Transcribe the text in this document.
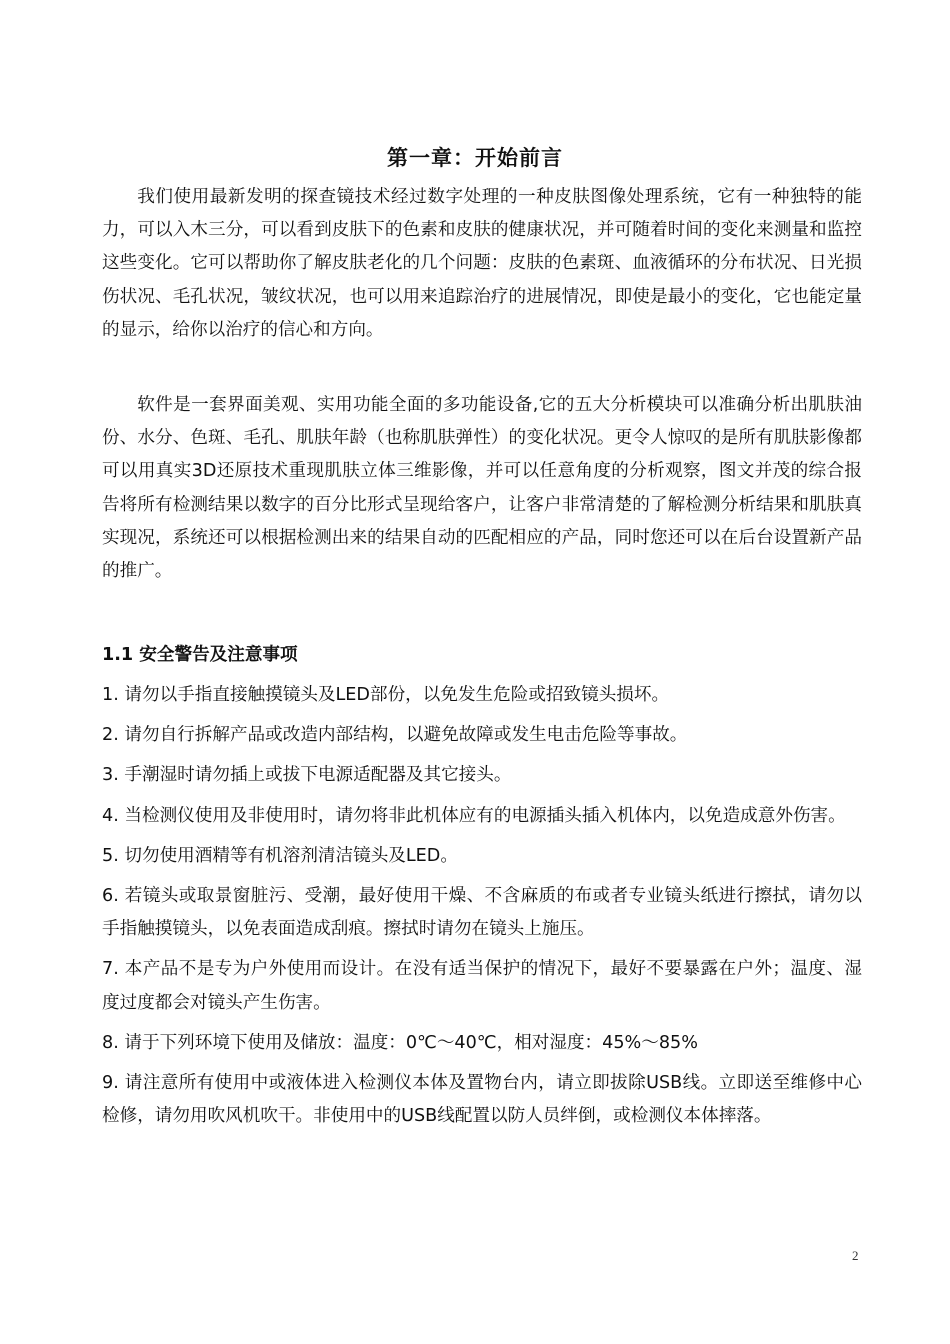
第一章：开始前言

我们使用最新发明的探查镜技术经过数字处理的一种皮肤图像处理系统，它有一种独特的能力，可以入木三分，可以看到皮肤下的色素和皮肤的健康状况，并可随着时间的变化来测量和监控这些变化。它可以帮助你了解皮肤老化的几个问题：皮肤的色素斑、血液循环的分布状况、日光损伤状况、毛孔状况，皱纹状况，也可以用来追踪治疗的进展情况，即使是最小的变化，它也能定量的显示，给你以治疗的信心和方向。

软件是一套界面美观、实用功能全面的多功能设备,它的五大分析模块可以准确分析出肌肤油份、水分、色斑、毛孔、肌肤年龄（也称肌肤弹性）的变化状况。更令人惊叹的是所有肌肤影像都可以用真实3D还原技术重现肌肤立体三维影像，并可以任意角度的分析观察，图文并茂的综合报告将所有检测结果以数字的百分比形式呈现给客户，让客户非常清楚的了解检测分析结果和肌肤真实现况，系统还可以根据检测出来的结果自动的匹配相应的产品，同时您还可以在后台设置新产品的推广。

1.1 安全警告及注意事项
1. 请勿以手指直接触摸镜头及LED部份，以免发生危险或招致镜头损坏。
2. 请勿自行拆解产品或改造内部结构，以避免故障或发生电击危险等事故。
3. 手潮湿时请勿插上或拔下电源适配器及其它接头。
4. 当检测仪使用及非使用时，请勿将非此机体应有的电源插头插入机体内，以免造成意外伤害。
5. 切勿使用酒精等有机溶剂清洁镜头及LED。
6. 若镜头或取景窗脏污、受潮，最好使用干燥、不含麻质的布或者专业镜头纸进行擦拭，请勿以手指触摸镜头，以免表面造成刮痕。擦拭时请勿在镜头上施压。
7. 本产品不是专为户外使用而设计。在没有适当保护的情况下，最好不要暴露在户外；温度、湿度过度都会对镜头产生伤害。
8. 请于下列环境下使用及储放：温度：0℃～40℃，相对湿度：45%～85%
9. 请注意所有使用中或液体进入检测仪本体及置物台内，请立即拔除USB线。立即送至维修中心检修，请勿用吹风机吹干。非使用中的USB线配置以防人员绊倒，或检测仪本体摔落。
2
